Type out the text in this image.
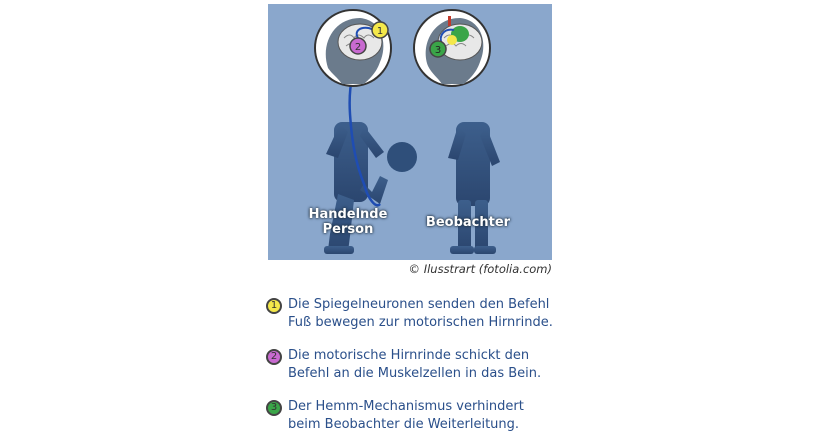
1
2	3
Handelnde
Person	Beobachter
© Ilusstrart (fotolia.com)
1 Die Spiegelneuronen senden den Befehl
Fuß bewegen zur motorischen Hirnrinde.
2 Die motorische Hirnrinde schickt den
Befehl an die Muskelzellen in das Bein.
3 Der Hemm-Mechanismus verhindert
beim Beobachter die Weiterleitung.
